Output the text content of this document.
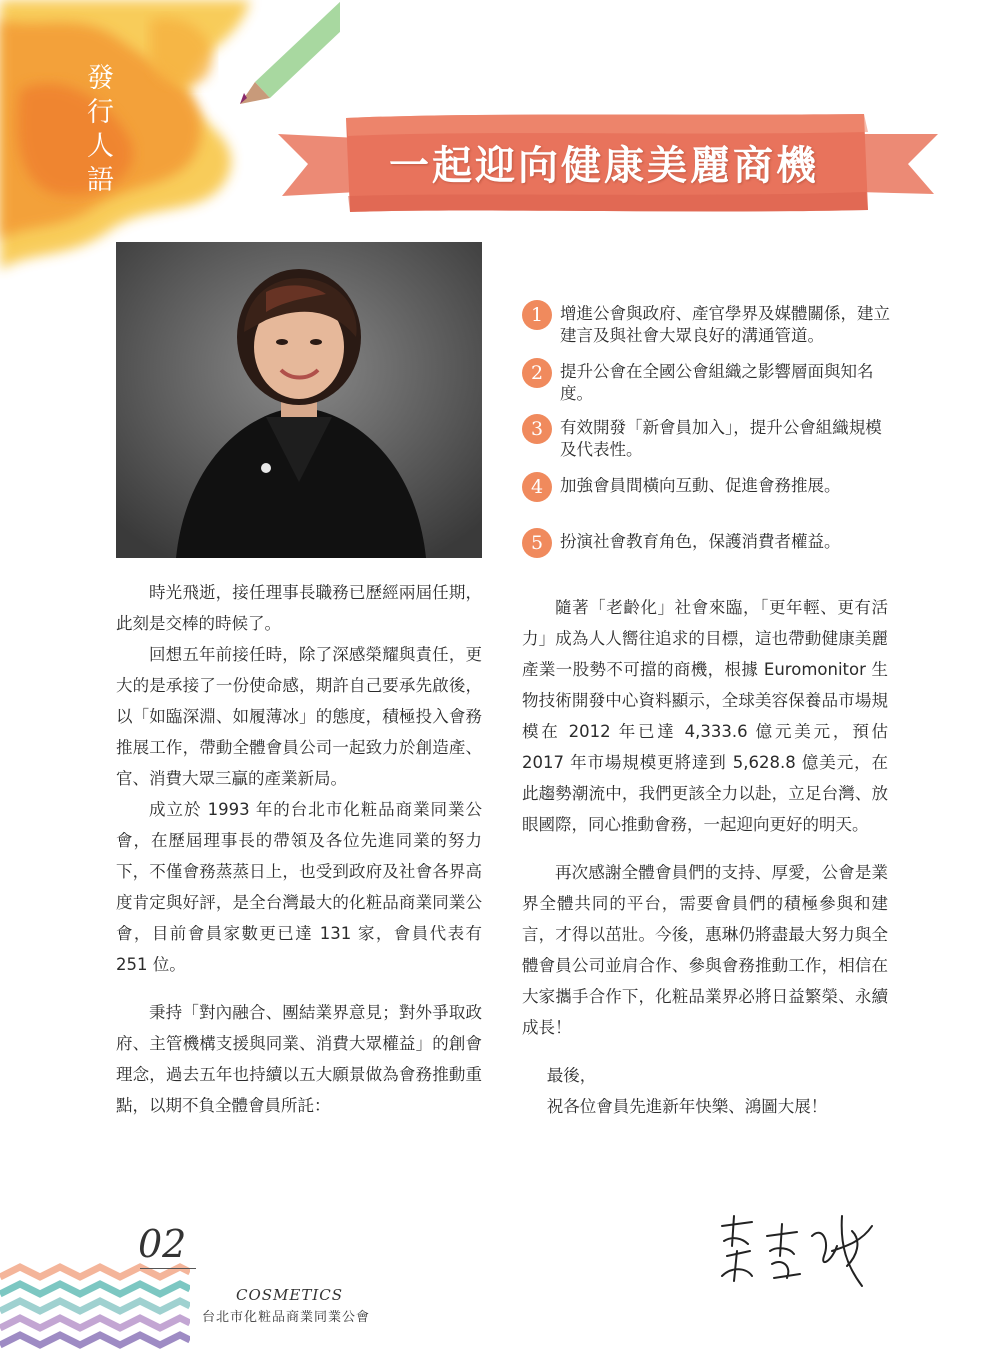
發
行
人
語	一起迎向健康美麗商機
1	增進公會與政府、產官學界及媒體關係，建立建言及與社會大眾良好的溝通管道。
2	提升公會在全國公會組織之影響層面與知名度。
3	有效開發「新會員加入」，提升公會組織規模及代表性。
4	加強會員間橫向互動、促進會務推展。
5	扮演社會教育角色，保護消費者權益。

時光飛逝，接任理事長職務已歷經兩屆任期，此刻是交棒的時候了。

回想五年前接任時，除了深感榮耀與責任，更大的是承接了一份使命感，期許自己要承先啟後，以「如臨深淵、如履薄冰」的態度，積極投入會務推展工作，帶動全體會員公司一起致力於創造產、官、消費大眾三贏的產業新局。

成立於 1993 年的台北市化粧品商業同業公會，在歷屆理事長的帶領及各位先進同業的努力下，不僅會務蒸蒸日上，也受到政府及社會各界高度肯定與好評，是全台灣最大的化粧品商業同業公會，目前會員家數更已達 131 家，會員代表有 251 位。

秉持「對內融合、團結業界意見；對外爭取政府、主管機構支援與同業、消費大眾權益」的創會理念，過去五年也持續以五大願景做為會務推動重點，以期不負全體會員所託：

隨著「老齡化」社會來臨，「更年輕、更有活力」成為人人嚮往追求的目標，這也帶動健康美麗產業一股勢不可擋的商機，根據 Euromonitor 生物技術開發中心資料顯示，全球美容保養品市場規模在 2012 年已達 4,333.6 億元美元，預估 2017 年市場規模更將達到 5,628.8 億美元，在此趨勢潮流中，我們更該全力以赴，立足台灣、放眼國際，同心推動會務，一起迎向更好的明天。

再次感謝全體會員們的支持、厚愛，公會是業界全體共同的平台，需要會員們的積極參與和建言，才得以茁壯。今後，惠琳仍將盡最大努力與全體會員公司並肩合作、參與會務推動工作，相信在大家攜手合作下，化粧品業界必將日益繁榮、永續成長！

最後，

祝各位會員先進新年快樂、鴻圖大展！

02
COSMETICS
台北市化粧品商業同業公會
